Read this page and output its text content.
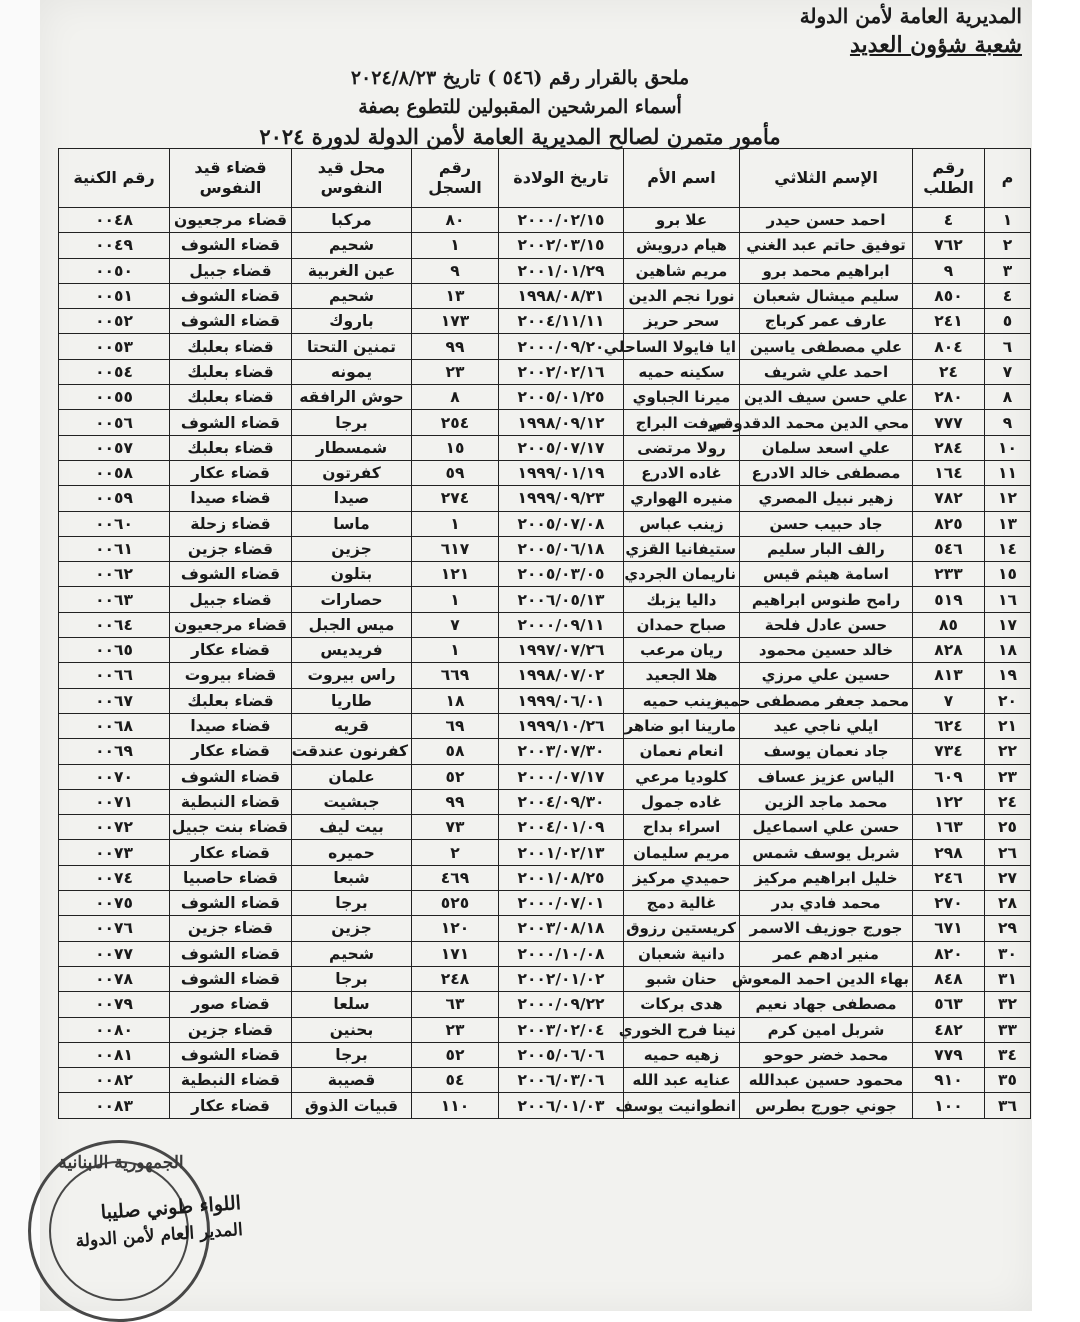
المديرية العامة لأمن الدولة
شعبة شؤون العديد
ملحق بالقرار رقم (٥٤٦ ) تاريخ ٢٠٢٤/٨/٢٣
أسماء المرشحين المقبولين للتطوع بصفة
مأمور متمرن لصالح المديرية العامة لأمن الدولة لدورة ٢٠٢٤
م	رقم الطلب	الإسم الثلاثي	اسم الأم	تاريخ الولادة	رقم السجل	محل قيد النفوس	قضاء قيد النفوس	رقم الكنية
١	٤	احمد حسن حيدر	علا برو	٢٠٠٠/٠٢/١٥	٨٠	مركبا	قضاء مرجعيون	٠٠٤٨
٢	٧٦٢	توفيق حاتم عبد الغني	هيام درويش	٢٠٠٢/٠٣/١٥	١	شحيم	قضاء الشوف	٠٠٤٩
٣	٩	ابراهيم محمد برو	مريم شاهين	٢٠٠١/٠١/٢٩	٩	عين الغربية	قضاء جبيل	٠٠٥٠
٤	٨٥٠	سليم ميشال شعبان	نورا نجم الدين	١٩٩٨/٠٨/٣١	١٣	شحيم	قضاء الشوف	٠٠٥١
٥	٢٤١	عارف عمر كرباج	سحر حريز	٢٠٠٤/١١/١١	١٧٣	باروك	قضاء الشوف	٠٠٥٢
٦	٨٠٤	علي مصطفى ياسين	ايا فايولا الساحلي	٢٠٠٠/٠٩/٢٠	٩٩	تمنين التحتا	قضاء بعلبك	٠٠٥٣
٧	٢٤	احمد علي شريف	سكينه حميه	٢٠٠٢/٠٢/١٦	٢٣	يمونه	قضاء بعلبك	٠٠٥٤
٨	٢٨٠	علي حسن سيف الدين	ميرنا الجباوي	٢٠٠٥/٠١/٢٥	٨	حوش الرافقه	قضاء بعلبك	٠٠٥٥
٩	٧٧٧	محي الدين محمد الدقدوقي	مرفت البراج	١٩٩٨/٠٩/١٢	٢٥٤	برجا	قضاء الشوف	٠٠٥٦
١٠	٢٨٤	علي اسعد سلمان	رولا مرتضى	٢٠٠٥/٠٧/١٧	١٥	شمسطار	قضاء بعلبك	٠٠٥٧
١١	١٦٤	مصطفى خالد الادرع	غاده الادرع	١٩٩٩/٠١/١٩	٥٩	كفرتون	قضاء عكار	٠٠٥٨
١٢	٧٨٢	زهير نبيل المصري	منيره الهواري	١٩٩٩/٠٩/٢٣	٢٧٤	صيدا	قضاء صيدا	٠٠٥٩
١٣	٨٢٥	جاد حبيب حسن	زينب عباس	٢٠٠٥/٠٧/٠٨	١	ماسا	قضاء زحلة	٠٠٦٠
١٤	٥٤٦	رالف البار سليم	ستيفانيا القزي	٢٠٠٥/٠٦/١٨	٦١٧	جزين	قضاء جزين	٠٠٦١
١٥	٢٣٣	اسامة هيثم قيس	ناريمان الجردي	٢٠٠٥/٠٣/٠٥	١٢١	بتلون	قضاء الشوف	٠٠٦٢
١٦	٥١٩	رامح طنوس ابراهيم	داليا يزبك	٢٠٠٦/٠٥/١٣	١	حصارات	قضاء جبيل	٠٠٦٣
١٧	٨٥	حسن عادل فلحة	صباح حمدان	٢٠٠٠/٠٩/١١	٧	ميس الجبل	قضاء مرجعيون	٠٠٦٤
١٨	٨٢٨	خالد حسين محمود	ريان مرعب	١٩٩٧/٠٧/٢٦	١	فريديس	قضاء عكار	٠٠٦٥
١٩	٨١٣	حسين علي مرزي	هلا الجعيد	١٩٩٨/٠٧/٠٢	٦٦٩	راس بيروت	قضاء بيروت	٠٠٦٦
٢٠	٧	محمد جعفر مصطفى حميه	زينب حميه	١٩٩٩/٠٦/٠١	١٨	طاريا	قضاء بعلبك	٠٠٦٧
٢١	٦٢٤	ايلي ناجي عيد	مارينا ابو ضاهر	١٩٩٩/١٠/٢٦	٦٩	قريه	قضاء صيدا	٠٠٦٨
٢٢	٧٣٤	جاد نعمان يوسف	انعام نعمان	٢٠٠٣/٠٧/٣٠	٥٨	كفرنون عندقت	قضاء عكار	٠٠٦٩
٢٣	٦٠٩	الياس عزيز عساف	كلوديا مرعي	٢٠٠٠/٠٧/١٧	٥٢	علمان	قضاء الشوف	٠٠٧٠
٢٤	١٢٢	محمد ماجد الزين	غاده جمول	٢٠٠٤/٠٩/٣٠	٩٩	جبشيت	قضاء النبطية	٠٠٧١
٢٥	١٦٣	حسن علي اسماعيل	اسراء بداح	٢٠٠٤/٠١/٠٩	٧٣	بيت ليف	قضاء بنت جبيل	٠٠٧٢
٢٦	٢٩٨	شربل يوسف شمس	مريم سليمان	٢٠٠١/٠٢/١٣	٢	حميره	قضاء عكار	٠٠٧٣
٢٧	٢٤٦	خليل ابراهيم مركيز	حميدي مركيز	٢٠٠١/٠٨/٢٥	٤٦٩	شبعا	قضاء حاصبيا	٠٠٧٤
٢٨	٢٧٠	محمد فادي بدر	غالية دمج	٢٠٠٠/٠٧/٠١	٥٢٥	برجا	قضاء الشوف	٠٠٧٥
٢٩	٦٧١	جورج جوزيف الاسمر	كريستين رزوق	٢٠٠٣/٠٨/١٨	١٢٠	جزين	قضاء جزين	٠٠٧٦
٣٠	٨٢٠	منير ادهم عمر	دانية شعبان	٢٠٠٠/١٠/٠٨	١٧١	شحيم	قضاء الشوف	٠٠٧٧
٣١	٨٤٨	بهاء الدين احمد المعوش	حنان شبو	٢٠٠٢/٠١/٠٢	٢٤٨	برجا	قضاء الشوف	٠٠٧٨
٣٢	٥٦٣	مصطفى جهاد نعيم	هدى بركات	٢٠٠٠/٠٩/٢٢	٦٣	سلعا	قضاء صور	٠٠٧٩
٣٣	٤٨٢	شربل امين كرم	نينا فرح الخوري	٢٠٠٣/٠٢/٠٤	٢٣	بحنين	قضاء جزين	٠٠٨٠
٣٤	٧٧٩	محمد خضر حوحو	زهيه حميه	٢٠٠٥/٠٦/٠٦	٥٢	برجا	قضاء الشوف	٠٠٨١
٣٥	٩١٠	محمود حسين عبدالله	عنايه عبد الله	٢٠٠٦/٠٣/٠٦	٥٤	قصيبة	قضاء النبطية	٠٠٨٢
٣٦	١٠٠	جوني جورج بطرس	انطوانيت يوسف	٢٠٠٦/٠١/٠٣	١١٠	قبيات الذوق	قضاء عكار	٠٠٨٣
الجمهورية اللبنانية
اللواء طوني صليبا
المدير العام لأمن الدولة
